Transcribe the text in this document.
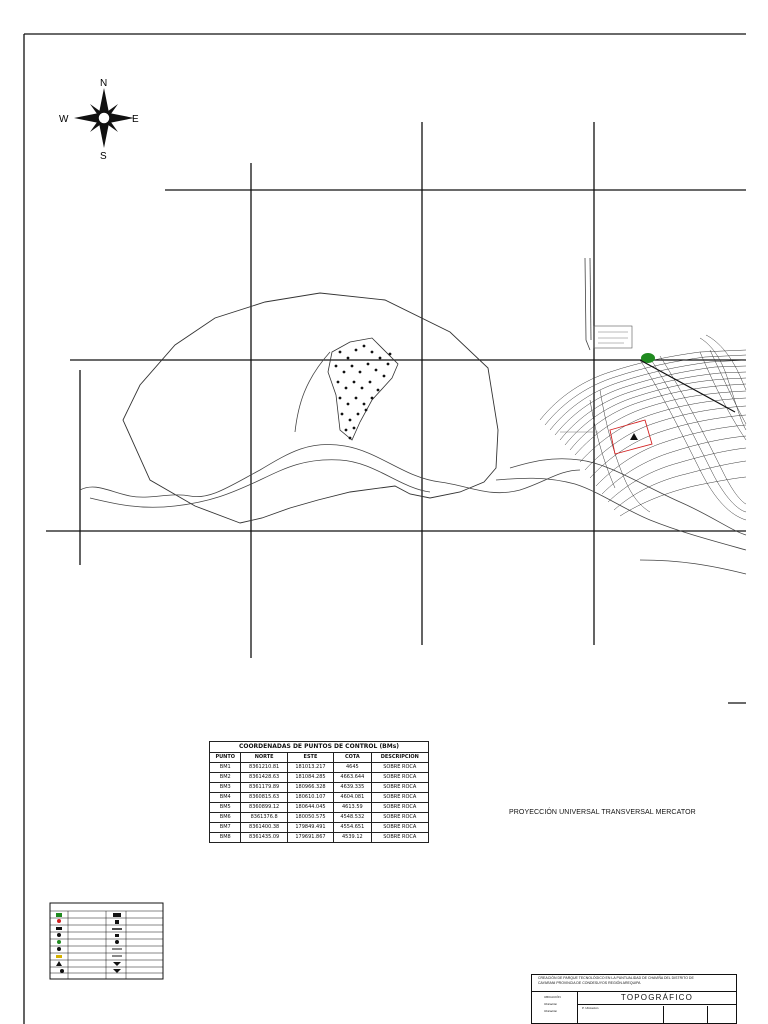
N
S
E
W
COORDENADAS DE PUNTOS DE CONTROL (BMs)
PUNTO	NORTE	ESTE	COTA	DESCRIPCION
BM1	8361210.81	181013.217	4645	SOBRE ROCA
BM2	8361428.63	181084.285	4663.644	SOBRE ROCA
BM3	8361179.89	180966.328	4639.335	SOBRE ROCA
BM4	8360815.63	180610.107	4604.081	SOBRE ROCA
BM5	8360899.12	180644.045	4613.59	SOBRE ROCA
BM6	8361376.8	180050.575	4548.532	SOBRE ROCA
BM7	8361400.38	179849.491	4554.651	SOBRE ROCA
BM8	8361435.09	179691.867	4539.12	SOBRE ROCA
PROYECCIÓN UNIVERSAL TRANSVERSAL MERCATOR
CREACIÓN DE PARQUE TECNOLÓGICO EN LA PUNTUALIDAD DE CHAVIÑA DEL DISTRITO DE
CAYARANI PROVINCIA DE CONDESUYOS REGIÓN AREQUIPA
UBICACIÓN
Ubicación
Ubicación
TOPOGRÁFICO
P. Ubicación
